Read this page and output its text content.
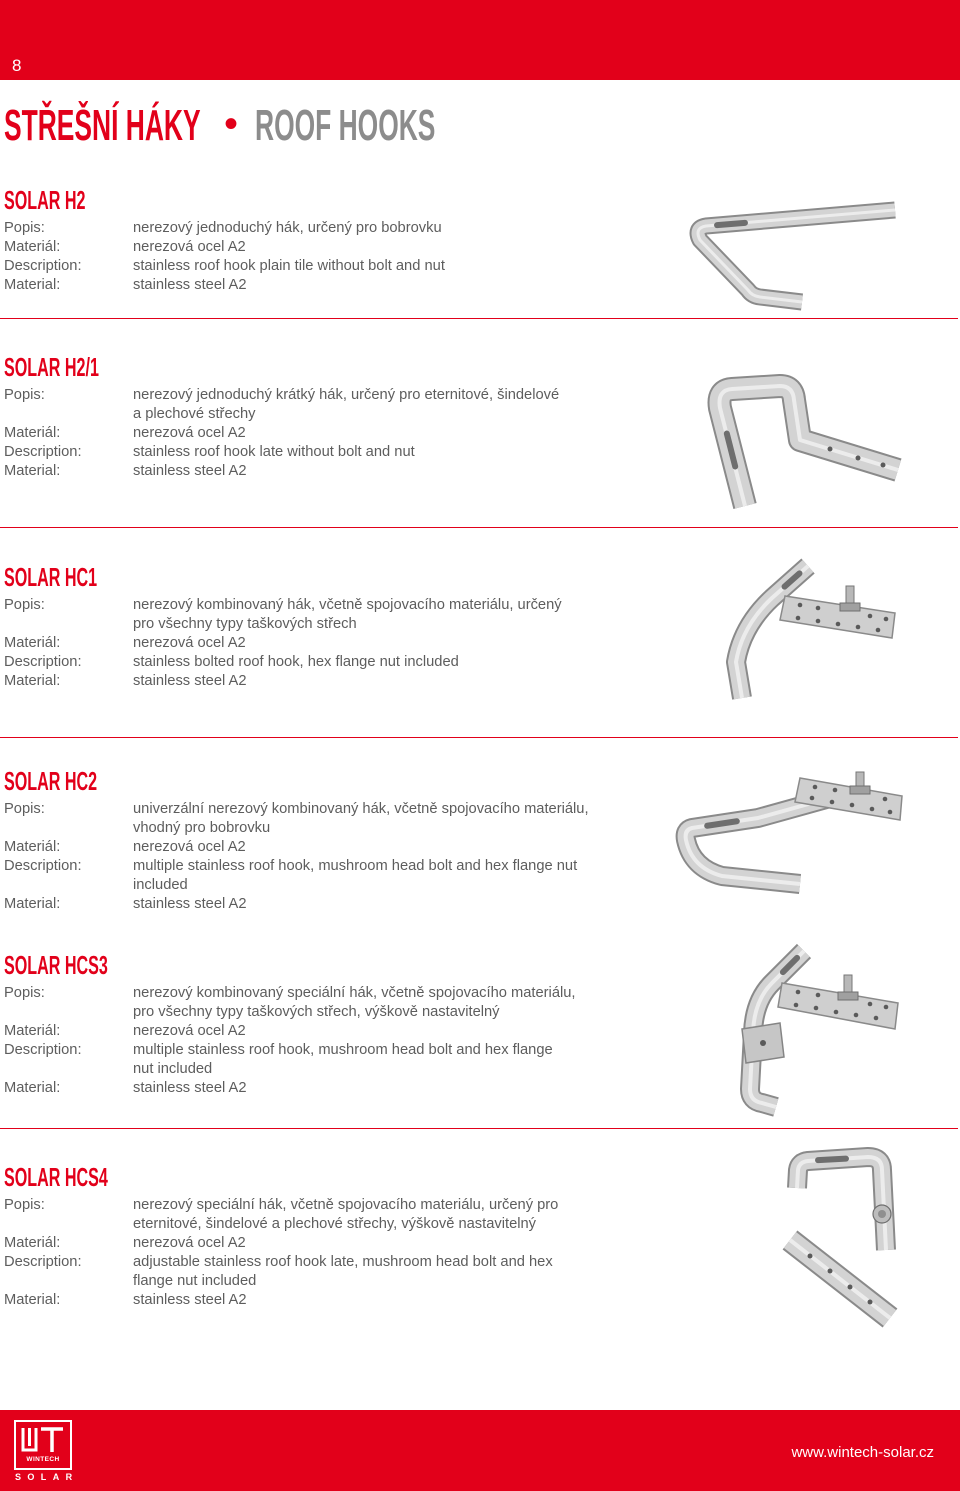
8
STŘEŠNÍ HÁKY • ROOF HOOKS
SOLAR H2
Popis:	nerezový jednoduchý hák, určený pro bobrovku
Materiál:	nerezová ocel A2
Description:	stainless roof hook plain tile without bolt and nut
Material:	stainless steel A2
SOLAR H2/1
Popis:	nerezový jednoduchý krátký hák, určený pro eternitové, šindelové
a plechové střechy
Materiál:	nerezová ocel A2
Description:	stainless roof hook late without bolt and nut
Material:	stainless steel A2
SOLAR HC1
Popis:	nerezový kombinovaný hák, včetně spojovacího materiálu, určený
pro všechny typy taškových střech
Materiál:	nerezová ocel A2
Description:	stainless bolted roof hook, hex flange nut included
Material:	stainless steel A2
SOLAR HC2
Popis:	univerzální nerezový kombinovaný hák, včetně spojovacího materiálu,
vhodný pro bobrovku
Materiál:	nerezová ocel A2
Description:	multiple stainless roof hook, mushroom head bolt and hex flange nut
included
Material:	stainless steel A2
SOLAR HCS3
Popis:	nerezový kombinovaný speciální hák, včetně spojovacího materiálu,
pro všechny typy taškových střech, výškově nastavitelný
Materiál:	nerezová ocel A2
Description:	multiple stainless roof hook, mushroom head bolt and hex flange
nut included
Material:	stainless steel A2
SOLAR HCS4
Popis:	nerezový speciální hák, včetně spojovacího materiálu, určený pro
eternitové, šindelové a plechové střechy, výškově nastavitelný
Materiál:	nerezová ocel A2
Description:	adjustable stainless roof hook late, mushroom head bolt and hex
flange nut included
Material:	stainless steel A2
WINTECH
SOLAR
www.wintech-solar.cz
